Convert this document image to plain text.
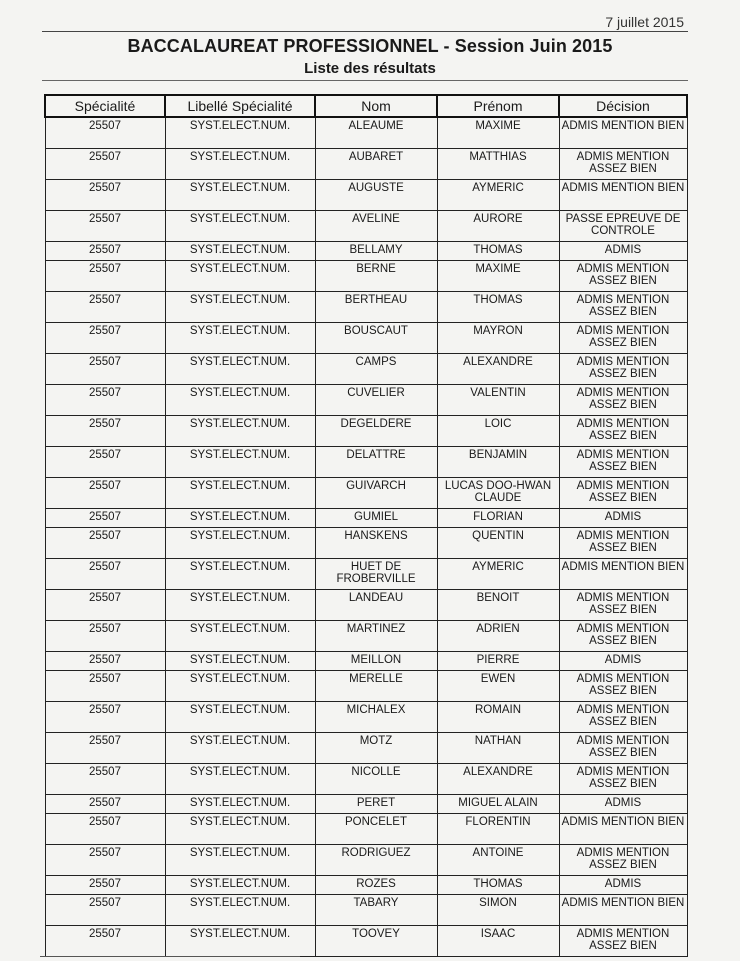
7 juillet 2015
BACCALAUREAT PROFESSIONNEL - Session Juin 2015
Liste des résultats
Spécialité	Libellé Spécialité	Nom	Prénom	Décision
25507	SYST.ELECT.NUM.	ALEAUME	MAXIME	ADMIS MENTION BIEN
25507	SYST.ELECT.NUM.	AUBARET	MATTHIAS	ADMIS MENTION ASSEZ BIEN
25507	SYST.ELECT.NUM.	AUGUSTE	AYMERIC	ADMIS MENTION BIEN
25507	SYST.ELECT.NUM.	AVELINE	AURORE	PASSE EPREUVE DE CONTROLE
25507	SYST.ELECT.NUM.	BELLAMY	THOMAS	ADMIS
25507	SYST.ELECT.NUM.	BERNE	MAXIME	ADMIS MENTION ASSEZ BIEN
25507	SYST.ELECT.NUM.	BERTHEAU	THOMAS	ADMIS MENTION ASSEZ BIEN
25507	SYST.ELECT.NUM.	BOUSCAUT	MAYRON	ADMIS MENTION ASSEZ BIEN
25507	SYST.ELECT.NUM.	CAMPS	ALEXANDRE	ADMIS MENTION ASSEZ BIEN
25507	SYST.ELECT.NUM.	CUVELIER	VALENTIN	ADMIS MENTION ASSEZ BIEN
25507	SYST.ELECT.NUM.	DEGELDERE	LOIC	ADMIS MENTION ASSEZ BIEN
25507	SYST.ELECT.NUM.	DELATTRE	BENJAMIN	ADMIS MENTION ASSEZ BIEN
25507	SYST.ELECT.NUM.	GUIVARCH	LUCAS DOO-HWAN CLAUDE	ADMIS MENTION ASSEZ BIEN
25507	SYST.ELECT.NUM.	GUMIEL	FLORIAN	ADMIS
25507	SYST.ELECT.NUM.	HANSKENS	QUENTIN	ADMIS MENTION ASSEZ BIEN
25507	SYST.ELECT.NUM.	HUET DE FROBERVILLE	AYMERIC	ADMIS MENTION BIEN
25507	SYST.ELECT.NUM.	LANDEAU	BENOIT	ADMIS MENTION ASSEZ BIEN
25507	SYST.ELECT.NUM.	MARTINEZ	ADRIEN	ADMIS MENTION ASSEZ BIEN
25507	SYST.ELECT.NUM.	MEILLON	PIERRE	ADMIS
25507	SYST.ELECT.NUM.	MERELLE	EWEN	ADMIS MENTION ASSEZ BIEN
25507	SYST.ELECT.NUM.	MICHALEX	ROMAIN	ADMIS MENTION ASSEZ BIEN
25507	SYST.ELECT.NUM.	MOTZ	NATHAN	ADMIS MENTION ASSEZ BIEN
25507	SYST.ELECT.NUM.	NICOLLE	ALEXANDRE	ADMIS MENTION ASSEZ BIEN
25507	SYST.ELECT.NUM.	PERET	MIGUEL ALAIN	ADMIS
25507	SYST.ELECT.NUM.	PONCELET	FLORENTIN	ADMIS MENTION BIEN
25507	SYST.ELECT.NUM.	RODRIGUEZ	ANTOINE	ADMIS MENTION ASSEZ BIEN
25507	SYST.ELECT.NUM.	ROZES	THOMAS	ADMIS
25507	SYST.ELECT.NUM.	TABARY	SIMON	ADMIS MENTION BIEN
25507	SYST.ELECT.NUM.	TOOVEY	ISAAC	ADMIS MENTION ASSEZ BIEN
